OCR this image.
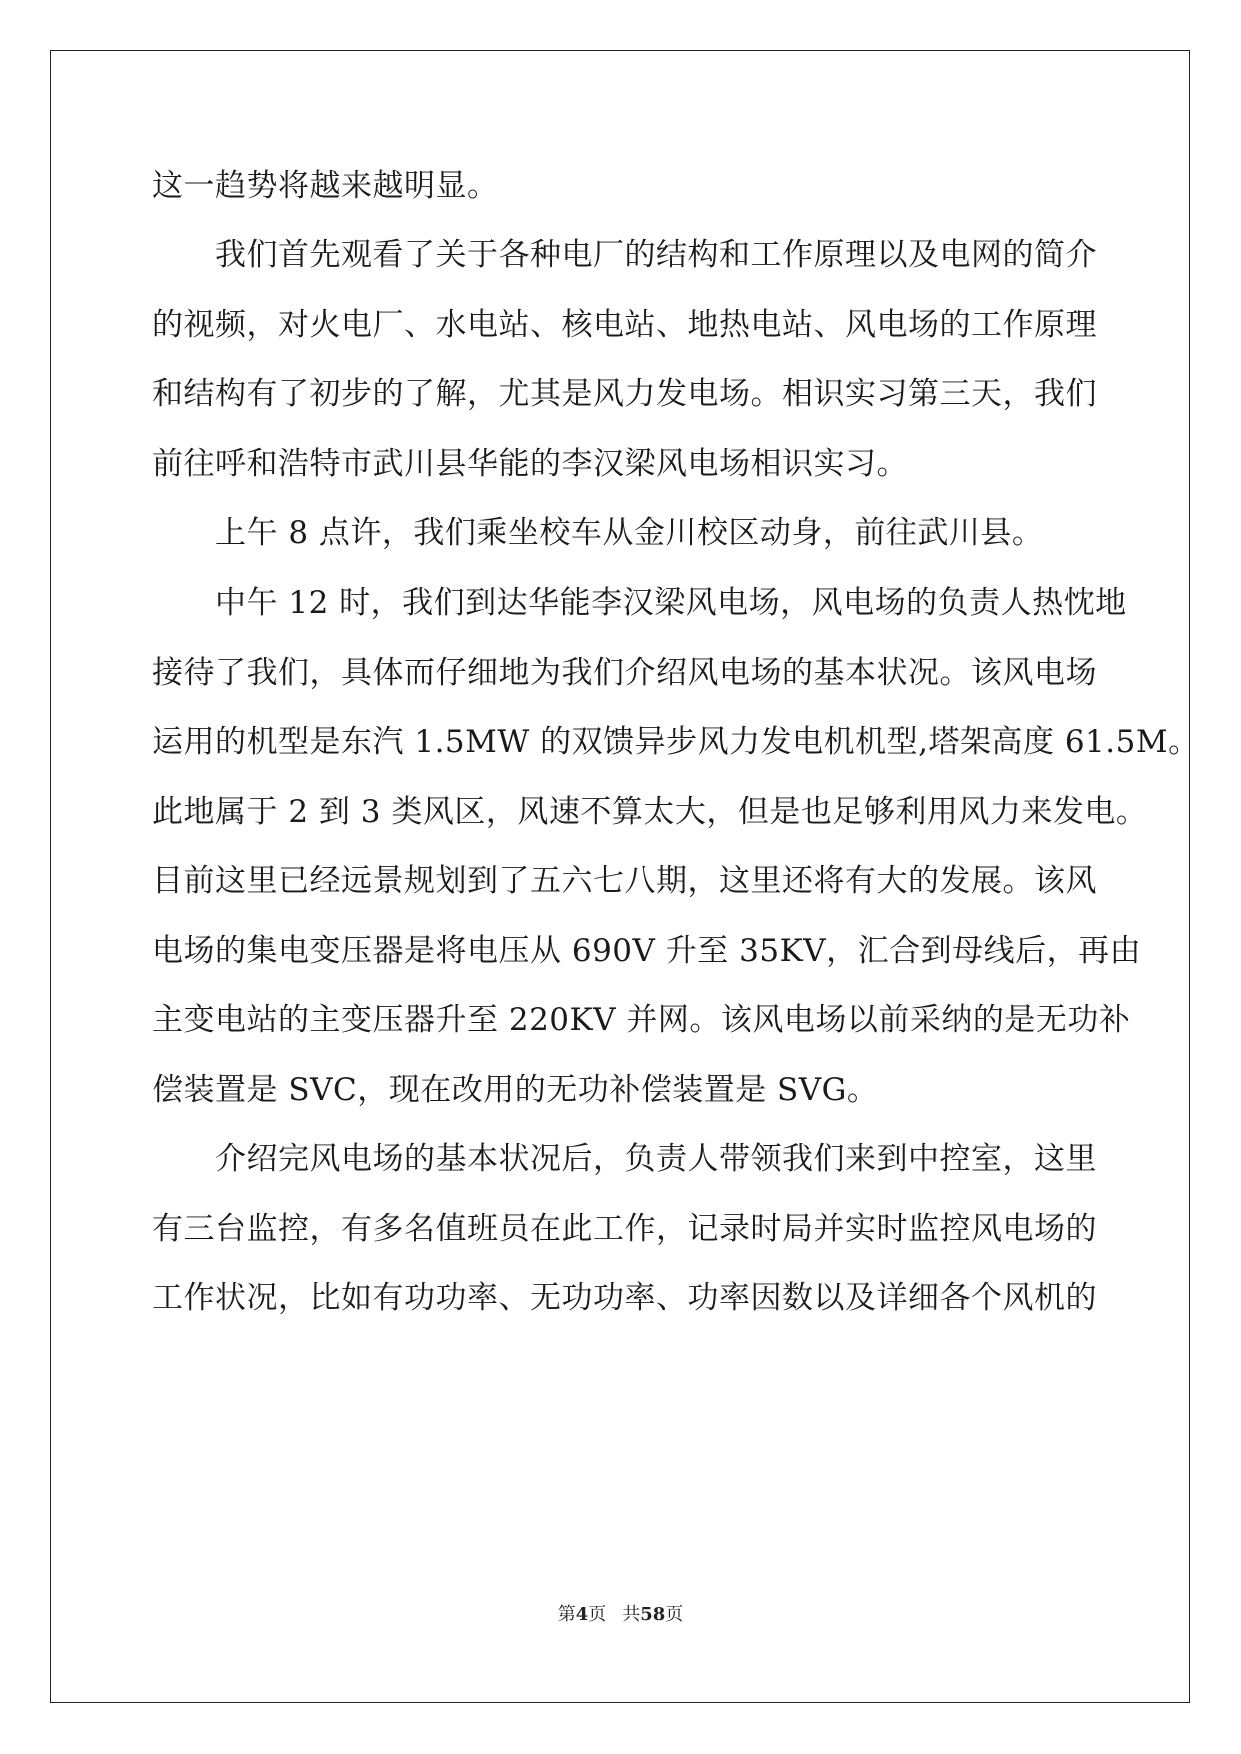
这一趋势将越来越明显。
我们首先观看了关于各种电厂的结构和工作原理以及电网的简介
的视频，对火电厂、水电站、核电站、地热电站、风电场的工作原理
和结构有了初步的了解，尤其是风力发电场。相识实习第三天，我们
前往呼和浩特市武川县华能的李汉梁风电场相识实习。
上午 8 点许，我们乘坐校车从金川校区动身，前往武川县。
中午 12 时，我们到达华能李汉梁风电场，风电场的负责人热忱地
接待了我们，具体而仔细地为我们介绍风电场的基本状况。该风电场
运用的机型是东汽 1.5MW 的双馈异步风力发电机机型,塔架高度 61.5M。
此地属于 2 到 3 类风区，风速不算太大，但是也足够利用风力来发电。
目前这里已经远景规划到了五六七八期，这里还将有大的发展。该风
电场的集电变压器是将电压从 690V 升至 35KV，汇合到母线后，再由
主变电站的主变压器升至 220KV 并网。该风电场以前采纳的是无功补
偿装置是 SVC，现在改用的无功补偿装置是 SVG。
介绍完风电场的基本状况后，负责人带领我们来到中控室，这里
有三台监控，有多名值班员在此工作，记录时局并实时监控风电场的
工作状况，比如有功功率、无功功率、功率因数以及详细各个风机的
第4页 共58页
